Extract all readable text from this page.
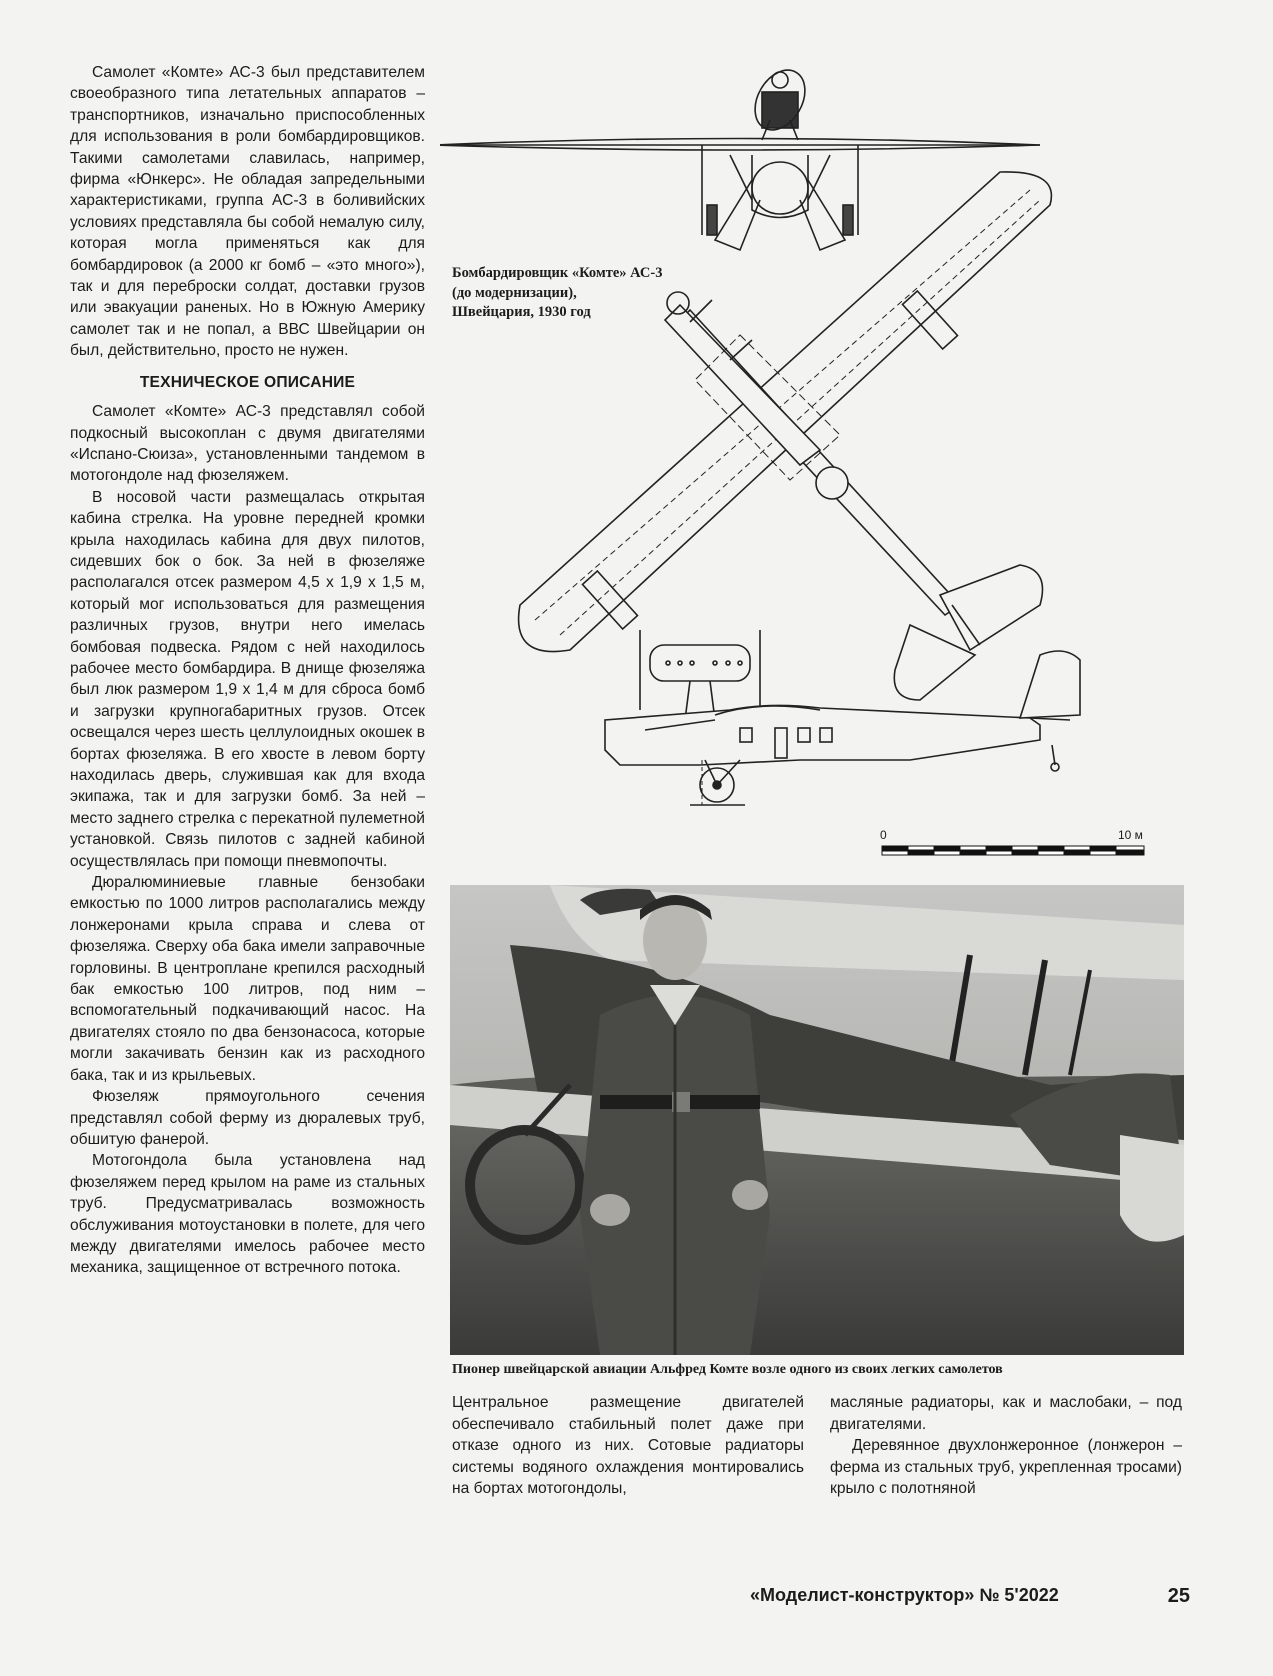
Самолет «Комте» АС-3 был представителем своеобразного типа летательных аппаратов – транспортников, изначально приспособленных для использования в роли бомбардировщиков. Такими самолетами славилась, например, фирма «Юнкерс». Не обладая запредельными характеристиками, группа АС-3 в боливийских условиях представляла бы собой немалую силу, которая могла применяться как для бомбардировок (а 2000 кг бомб – «это много»), так и для переброски солдат, доставки грузов или эвакуации раненых. Но в Южную Америку самолет так и не попал, а ВВС Швейцарии он был, действительно, просто не нужен.

ТЕХНИЧЕСКОЕ ОПИСАНИЕ

Самолет «Комте» АС-3 представлял собой подкосный высокоплан с двумя двигателями «Испано-Сюиза», установленными тандемом в мотогондоле над фюзеляжем.

В носовой части размещалась открытая кабина стрелка. На уровне передней кромки крыла находилась кабина для двух пилотов, сидевших бок о бок. За ней в фюзеляже располагался отсек размером 4,5 х 1,9 х 1,5 м, который мог использоваться для размещения различных грузов, внутри него имелась бомбовая подвеска. Рядом с ней находилось рабочее место бомбардира. В днище фюзеляжа был люк размером 1,9 х 1,4 м для сброса бомб и загрузки крупногабаритных грузов. Отсек освещался через шесть целлулоидных окошек в бортах фюзеляжа. В его хвосте в левом борту находилась дверь, служившая как для входа экипажа, так и для загрузки бомб. За ней – место заднего стрелка с перекатной пулеметной установкой. Связь пилотов с задней кабиной осуществлялась при помощи пневмопочты.

Дюралюминиевые главные бензобаки емкостью по 1000 литров располагались между лонжеронами крыла справа и слева от фюзеляжа. Сверху оба бака имели заправочные горловины. В центроплане крепился расходный бак емкостью 100 литров, под ним – вспомогательный подкачивающий насос. На двигателях стояло по два бензонасоса, которые могли закачивать бензин как из расходного бака, так и из крыльевых.

Фюзеляж прямоугольного сечения представлял собой ферму из дюралевых труб, обшитую фанерой.

Мотогондола была установлена над фюзеляжем перед крылом на раме из стальных труб. Предусматривалась возможность обслуживания мотоустановки в полете, для чего между двигателями имелось рабочее место механика, защищенное от встречного потока.

Бомбардировщик «Комте» АС-3
(до модернизации),
Швейцария, 1930 год
0	10 м
Пионер швейцарской авиации Альфред Комте возле одного из своих легких самолетов

Центральное размещение двигателей обеспечивало стабильный полет даже при отказе одного из них. Сотовые радиаторы системы водяного охлаждения монтировались на бортах мотогондолы,

масляные радиаторы, как и маслобаки, – под двигателями.

Деревянное двухлонжеронное (лонжерон – ферма из стальных труб, укрепленная тросами) крыло с полотняной

«Моделист-конструктор» № 5'2022	25
